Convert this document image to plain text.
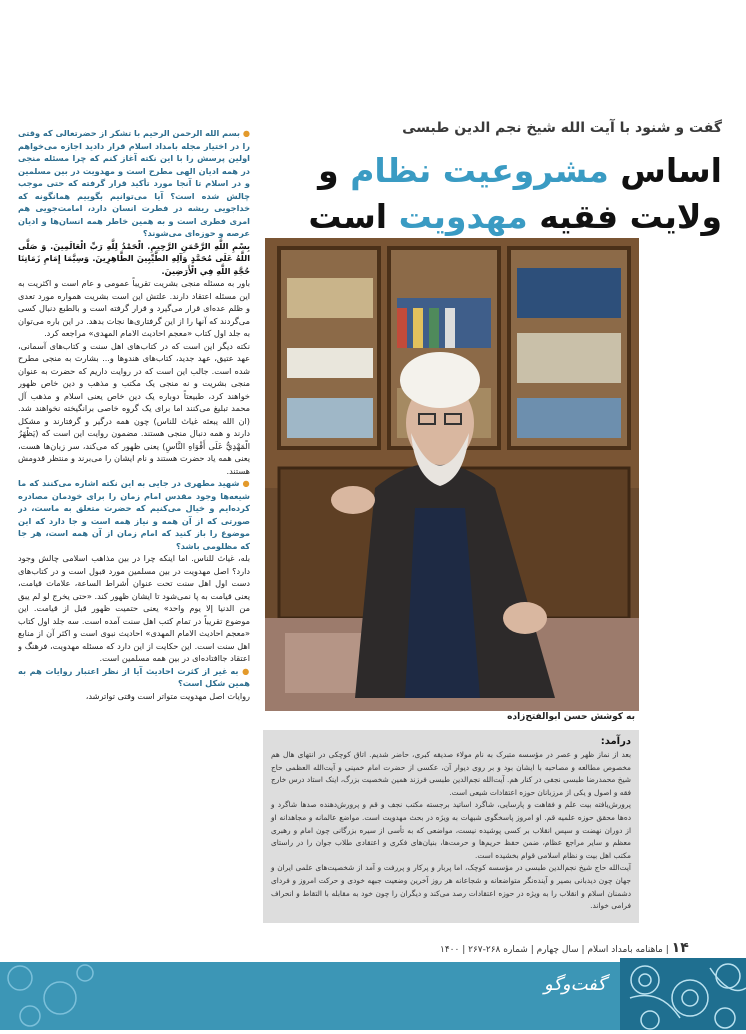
گفت و شنود با آیت الله شیخ نجم الدین طبسی
اساس مشروعیت نظام و
ولایت فقیه مهدویت است
به کوشش حسن ابوالفتح‌زاده
درآمد:

بعد از نماز ظهر و عصر در مؤسسه متبرک به نام مولاء صدیقه کبری، حاضر شدیم. اتاق کوچکی در انتهای هال هم مخصوص مطالعه و مصاحبه با ایشان بود و بر روی دیوار آن، عکسی از حضرت امام خمینی و آیت‌الله العظمی حاج شیخ محمدرضا طبسی نجفی در کنار هم. آیت‌الله نجم‌الدین طبسی فرزند همین شخصیت بزرگ، اینک استاد درس خارج فقه و اصول و یکی از مرزبانان حوزه اعتقادات شیعی است.

پرورش‌یافته بیت علم و فقاهت و پارسایی، شاگرد اساتید برجسته مکتب نجف و قم و پرورش‌دهنده صدها شاگرد و ده‌ها محقق حوزه علمیه قم. او امروز پاسخگوی شبهات به ویژه در بحث مهدویت است. مواضع عالمانه و مجاهدانه او از دوران نهضت و سپس انقلاب بر کسی پوشیده نیست، مواضعی که به تأسی از سیره بزرگانی چون امام و رهبری معظم و سایر مراجع عظام، ضمن حفظ حریم‌ها و حرمت‌ها، بنیان‌های فکری و اعتقادی طلاب جوان را در راستای مکتب اهل بیت و نظام اسلامی قوام بخشیده است.

آیت‌الله حاج شیخ نجم‌الدین طبسی در مؤسسه کوچک، اما پربار و پرکار و پررفت و آمد از شخصیت‌های علمی ایران و جهان چون دیدبانی بصیر و آینده‌نگر متواضعانه و شجاعانه هر روز آخرین وضعیت جبهه خودی و حرکت امروز و فردای دشمنان اسلام و انقلاب را به ویژه در حوزه اعتقادات رصد می‌کند و دیگران را چون خود به مقابله با التقاط و انحراف فرامی خواند.

● بسم الله الرحمن الرحیم با تشکر از حضرتعالی که وقتی را در اختیار مجله بامداد اسلام قرار دادید اجازه می‌خواهم اولین پرسش را با این نکته آغاز کنم که چرا مسئله منجی در همه ادیان الهی مطرح است و مهدویت در بین مسلمین و در اسلام تا آنجا مورد تأکید قرار گرفته که حتی موجب چالش شده است؟ آیا می‌توانیم بگوییم همانگونه که خداجویی ریشه در فطرت انسان دارد، امامت‌جویی هم امری فطری است و به همین خاطر همه انسان‌ها و ادیان عرصه و حوزه‌ای می‌شوند؟

بِسْمِ اللَّهِ الرَّحْمَنِ الرَّحِيمِ. الْحَمْدُ لِلَّهِ رَبِّ الْعَالَمِينَ. وَ صَلَّى اللَّهُ عَلَى مُحَمَّدٍ وَآلِهِ الطَّيِّبِينَ الطَّاهِرِينَ. وَسِيَّمَا إِمَامِ زَمَانِنَا حُجَّةِ اللَّهِ فِي الْأَرَضِينَ.

باور به مسئله منجی بشریت تقریباً عمومی و عام است و اکثریت به این مسئله اعتقاد دارند. علتش این است بشریت همواره مورد تعدی و ظلم عده‌ای قرار می‌گیرد و قرار گرفته است و بالطبع دنبال کسی می‌گردند که آنها را از این گرفتاری‌ها نجات بدهد. در این باره می‌توان به جلد اول کتاب «معجم احادیث الامام المهدی» مراجعه کرد.

نکته دیگر این است که در کتاب‌های اهل سنت و کتاب‌های آسمانی، عهد عتیق، عهد جدید، کتاب‌های هندوها و... بشارت به منجی مطرح شده است. جالب این است که در روایت داریم که حضرت به عنوان منجی بشریت و نه منجی یک مکتب و مذهب و دین خاص ظهور خواهند کرد، طبیعتاً دوباره یک دین خاص یعنی اسلام و مذهب آل محمد تبلیغ می‌کنند اما برای یک گروه خاصی برانگیخته نخواهند شد. (ان الله یبعثه غیاث للناس) چون همه درگیر و گرفتارند و مشکل دارند و همه دنبال منجی هستند. مضمون روایت این است که (يَظْهَرُ الْمَهْدِيُّ عَلَى أَفْوَاهِ النَّاسِ) یعنی ظهور که می‌کند، سر زبان‌ها هست، یعنی همه یاد حضرت هستند و نام ایشان را می‌برند و منتظر قدومش هستند.

● شهید مطهری در جایی به این نکته اشاره می‌کنند که ما شیعه‌ها وجود مقدس امام زمان را برای خودمان مصادره کرده‌ایم و خیال می‌کنیم که حضرت متعلق به ماست، در صورتی که از آن همه و نیاز همه است و جا دارد که این موضوع را باز کنید که امام زمان از آن همه است، هر جا که مظلومی باشد؟

بله، غیاث للناس. اما اینکه چرا در بین مذاهب اسلامی چالش وجود دارد؟ اصل مهدویت در بین مسلمین مورد قبول است و در کتاب‌های دست اول اهل سنت تحت عنوان أشراط الساعة، علامات قیامت، یعنی قیامت به پا نمی‌شود تا ایشان ظهور کند. «حتى يخرج لو لم يبق من الدنيا إلا يوم واحد» یعنی حتمیت ظهور قبل از قیامت. این موضوع تقریباً در تمام کتب اهل سنت آمده است. سه جلد اول کتاب «معجم احادیث الامام المهدی» احادیث نبوی است و اکثر آن از منابع اهل سنت است. این حکایت از این دارد که مسئله مهدویت، فرهنگ و اعتقاد جاافتاده‌ای در بین همه مسلمین است.

● به غیر از کثرت احادیث آیا از نظر اعتبار روایات هم به همین شکل است؟

روایات اصل مهدویت متواتر است وقتی تواترشد،

۱۴ | ماهنامه بامداد اسلام | سال چهارم | شماره ۲۶۸-۲۶۷ | ۱۴۰۰
گفت‌وگو
